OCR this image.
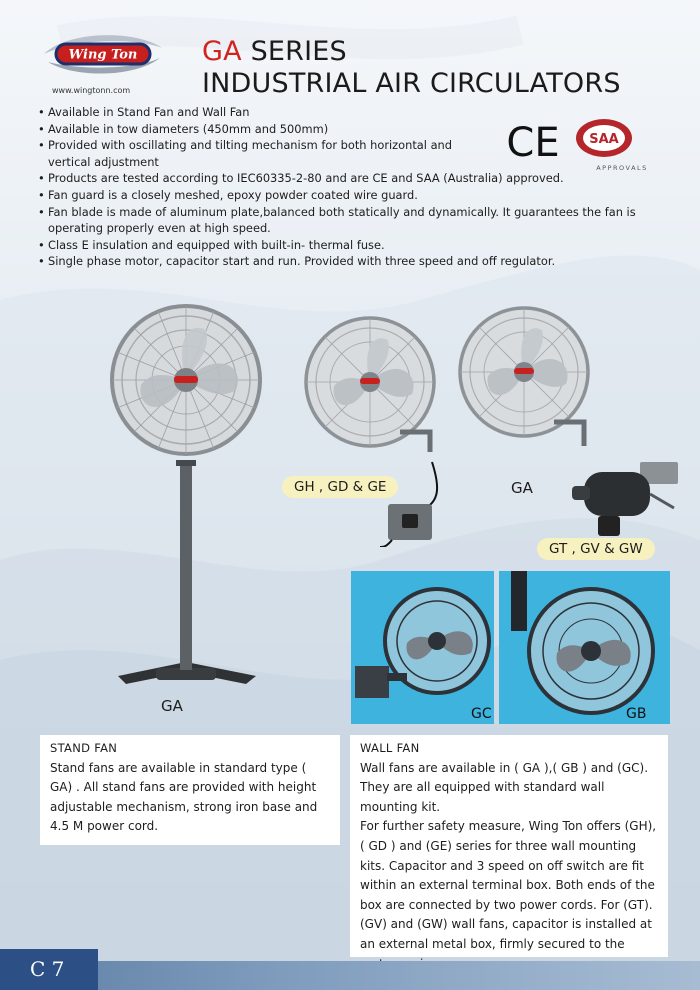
Wing Ton
www.wingtonn.com
GA SERIES
INDUSTRIAL AIR CIRCULATORS
• Available in Stand Fan and Wall Fan
• Available in tow diameters (450mm and 500mm)
• Provided with oscillating and tilting mechanism for both horizontal and vertical adjustment
• Products are tested according to IEC60335-2-80 and are CE and SAA (Australia) approved.
• Fan guard is a closely meshed, epoxy powder coated wire guard.
• Fan blade is made of aluminum plate,balanced both statically and dynamically. It guarantees the fan is operating properly even at high speed.
• Class E insulation and equipped with built-in- thermal fuse.
• Single phase motor, capacitor start and run. Provided with three speed and off regulator.
CE SAA
APPROVALS
GA
GH , GD & GE	GA
GT , GV & GW
GC	GB
STAND FAN

Stand fans are available in standard type ( GA) . All stand fans are provided with height adjustable mechanism, strong iron base and 4.5 M power cord.

WALL FAN

Wall fans are available in ( GA ),( GB ) and (GC). They are all equipped with standard wall mounting kit.

For further safety measure, Wing Ton offers (GH), ( GD ) and (GE) series for three wall mounting kits. Capacitor and 3 speed on off switch are fit within an external terminal box. Both ends of the box are connected by two power cords. For (GT). (GV) and (GW) wall fans, capacitor is installed at an external metal box, firmly secured to the

C 7
